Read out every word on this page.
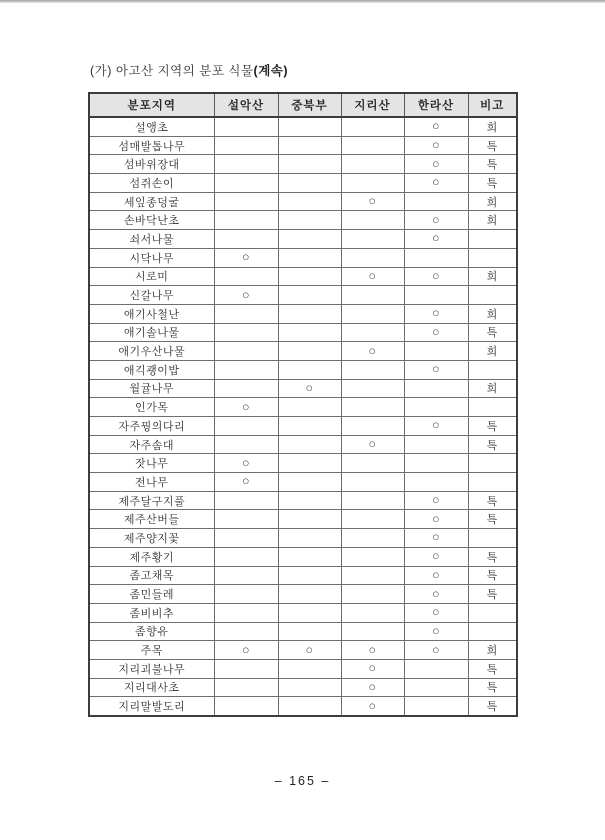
(가) 아고산 지역의 분포 식물(계속)
분포지역	설악산	중북부	지리산	한라산	비고
설앵초				○	희
섬매발톱나무				○	특
섬바위장대				○	특
섬쥐손이				○	특
세잎종덩굴			○		희
손바닥난초				○	희
쇠서나물				○	
시닥나무	○				
시로미			○	○	희
신갈나무	○				
애기사철난				○	희
애기솔나물				○	특
애기우산나물			○		희
애긱괭이밥				○	
월귤나무		○			희
인가목	○				
자주꿩의다리				○	특
자주솜대			○		특
잣나무	○				
전나무	○				
제주달구지풀				○	특
제주산버들				○	특
제주양지꽃				○	
제주황기				○	특
좀고채목				○	특
좀민들레				○	특
좀비비추				○	
좀향유				○	
주목	○	○	○	○	희
지리괴불나무			○		특
지리대사초			○		특
지리말발도리			○		특
– 165 –
